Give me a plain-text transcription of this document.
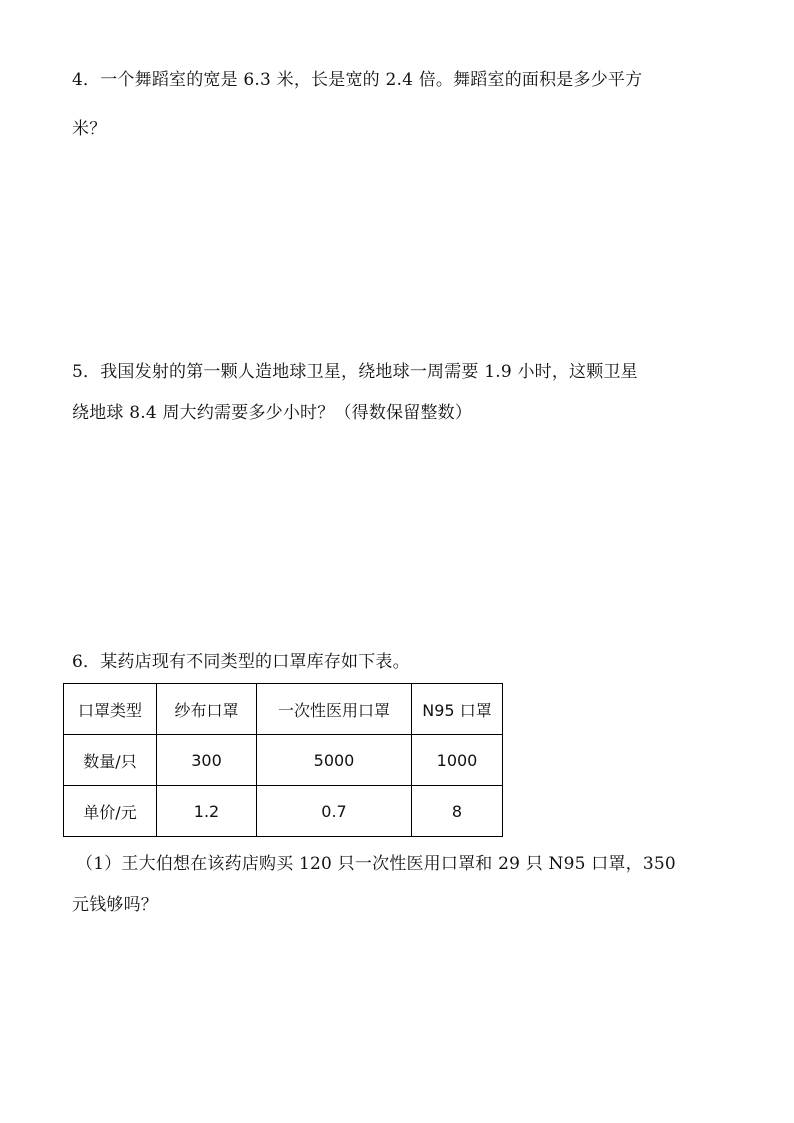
4．一个舞蹈室的宽是 6.3 米，长是宽的 2.4 倍。舞蹈室的面积是多少平方
米？
5．我国发射的第一颗人造地球卫星，绕地球一周需要 1.9 小时，这颗卫星
绕地球 8.4 周大约需要多少小时？（得数保留整数）
6．某药店现有不同类型的口罩库存如下表。
口罩类型	纱布口罩	一次性医用口罩	N95 口罩
数量/只	300	5000	1000
单价/元	1.2	0.7	8
（1）王大伯想在该药店购买 120 只一次性医用口罩和 29 只 N95 口罩，350
元钱够吗？
